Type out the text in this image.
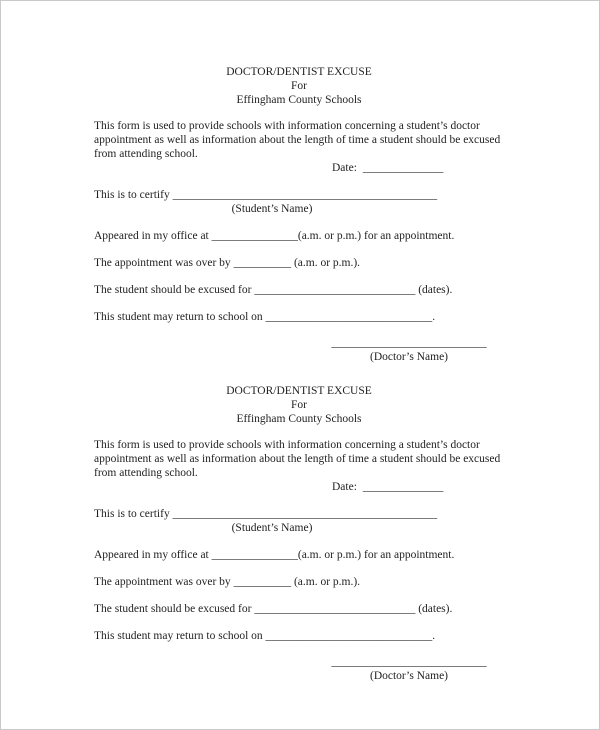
DOCTOR/DENTIST EXCUSE
For
Effingham County Schools
This form is used to provide schools with information concerning a student’s doctor
appointment as well as information about the length of time a student should be excused
from attending school.
Date: ______________
This is to certify ______________________________________________
(Student’s Name)
Appeared in my office at _______________(a.m. or p.m.) for an appointment.
The appointment was over by __________ (a.m. or p.m.).
The student should be excused for ____________________________ (dates).
This student may return to school on _____________________________.
___________________________
(Doctor’s Name)
DOCTOR/DENTIST EXCUSE
For
Effingham County Schools
This form is used to provide schools with information concerning a student’s doctor
appointment as well as information about the length of time a student should be excused
from attending school.
Date: ______________
This is to certify ______________________________________________
(Student’s Name)
Appeared in my office at _______________(a.m. or p.m.) for an appointment.
The appointment was over by __________ (a.m. or p.m.).
The student should be excused for ____________________________ (dates).
This student may return to school on _____________________________.
___________________________
(Doctor’s Name)
